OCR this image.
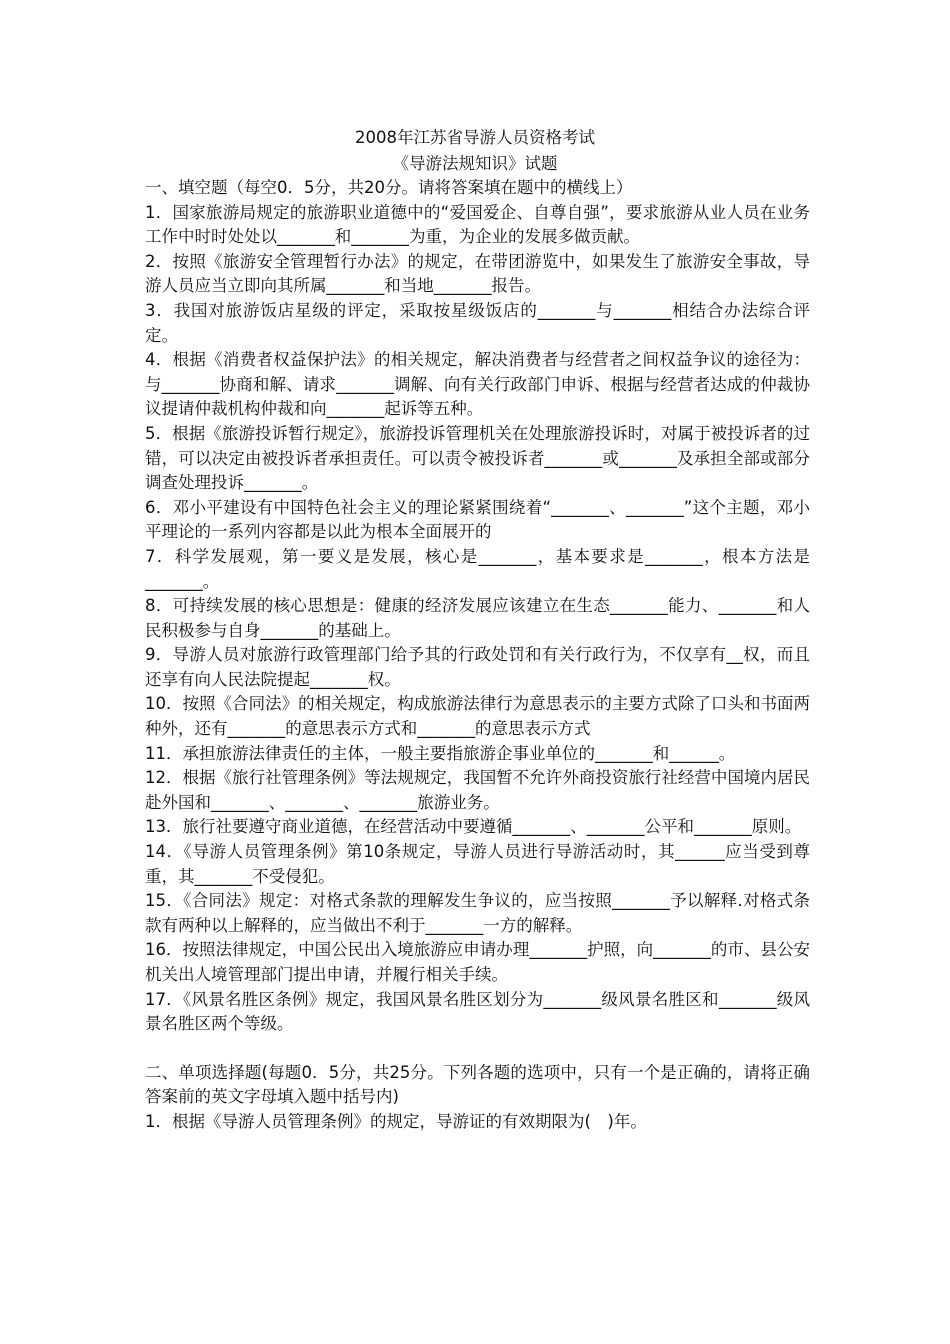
2008年江苏省导游人员资格考试
《导游法规知识》试题

一、填空题（每空0．5分，共20分。请将答案填在题中的横线上）

1．国家旅游局规定的旅游职业道德中的“爱国爱企、自尊自强”，要求旅游从业人员在业务工作中时时处处以_______和_______为重，为企业的发展多做贡献。

2．按照《旅游安全管理暂行办法》的规定，在带团游览中，如果发生了旅游安全事故，导游人员应当立即向其所属_______和当地_______报告。

3．我国对旅游饭店星级的评定，采取按星级饭店的_______与_______相结合办法综合评定。

4．根据《消费者权益保护法》的相关规定，解决消费者与经营者之间权益争议的途径为：与_______协商和解、请求_______调解、向有关行政部门申诉、根据与经营者达成的仲裁协议提请仲裁机构仲裁和向_______起诉等五种。

5．根据《旅游投诉暂行规定》，旅游投诉管理机关在处理旅游投诉时，对属于被投诉者的过错，可以决定由被投诉者承担责任。可以责令被投诉者_______或_______及承担全部或部分调查处理投诉_______。

6．邓小平建设有中国特色社会主义的理论紧紧围绕着“_______、_______”这个主题，邓小平理论的一系列内容都是以此为根本全面展开的

7．科学发展观，第一要义是发展，核心是_______，基本要求是_______，根本方法是_______。

8．可持续发展的核心思想是：健康的经济发展应该建立在生态_______能力、_______和人民积极参与自身_______的基础上。

9．导游人员对旅游行政管理部门给予其的行政处罚和有关行政行为，不仅享有__权，而且还享有向人民法院提起_______权。

10．按照《合同法》的相关规定，构成旅游法律行为意思表示的主要方式除了口头和书面两种外，还有_______的意思表示方式和_______的意思表示方式

11．承担旅游法律责任的主体，一般主要指旅游企事业单位的_______和______。

12．根据《旅行社管理条例》等法规规定，我国暂不允许外商投资旅行社经营中国境内居民赴外国和_______、_______、_______旅游业务。

13．旅行社要遵守商业道德，在经营活动中要遵循_______、_______公平和_______原则。

14．《导游人员管理条例》第10条规定，导游人员进行导游活动时，其______应当受到尊重，其_______不受侵犯。

15．《合同法》规定：对格式条款的理解发生争议的，应当按照_______予以解释.对格式条款有两种以上解释的，应当做出不利于_______一方的解释。

16．按照法律规定，中国公民出入境旅游应申请办理_______护照，向_______的市、县公安机关出人境管理部门提出申请，并履行相关手续。

17．《风景名胜区条例》规定，我国风景名胜区划分为_______级风景名胜区和_______级风景名胜区两个等级。

二、单项选择题(每题0．5分，共25分。下列各题的选项中，只有一个是正确的，请将正确答案前的英文字母填入题中括号内)

1．根据《导游人员管理条例》的规定，导游证的有效期限为(　)年。
